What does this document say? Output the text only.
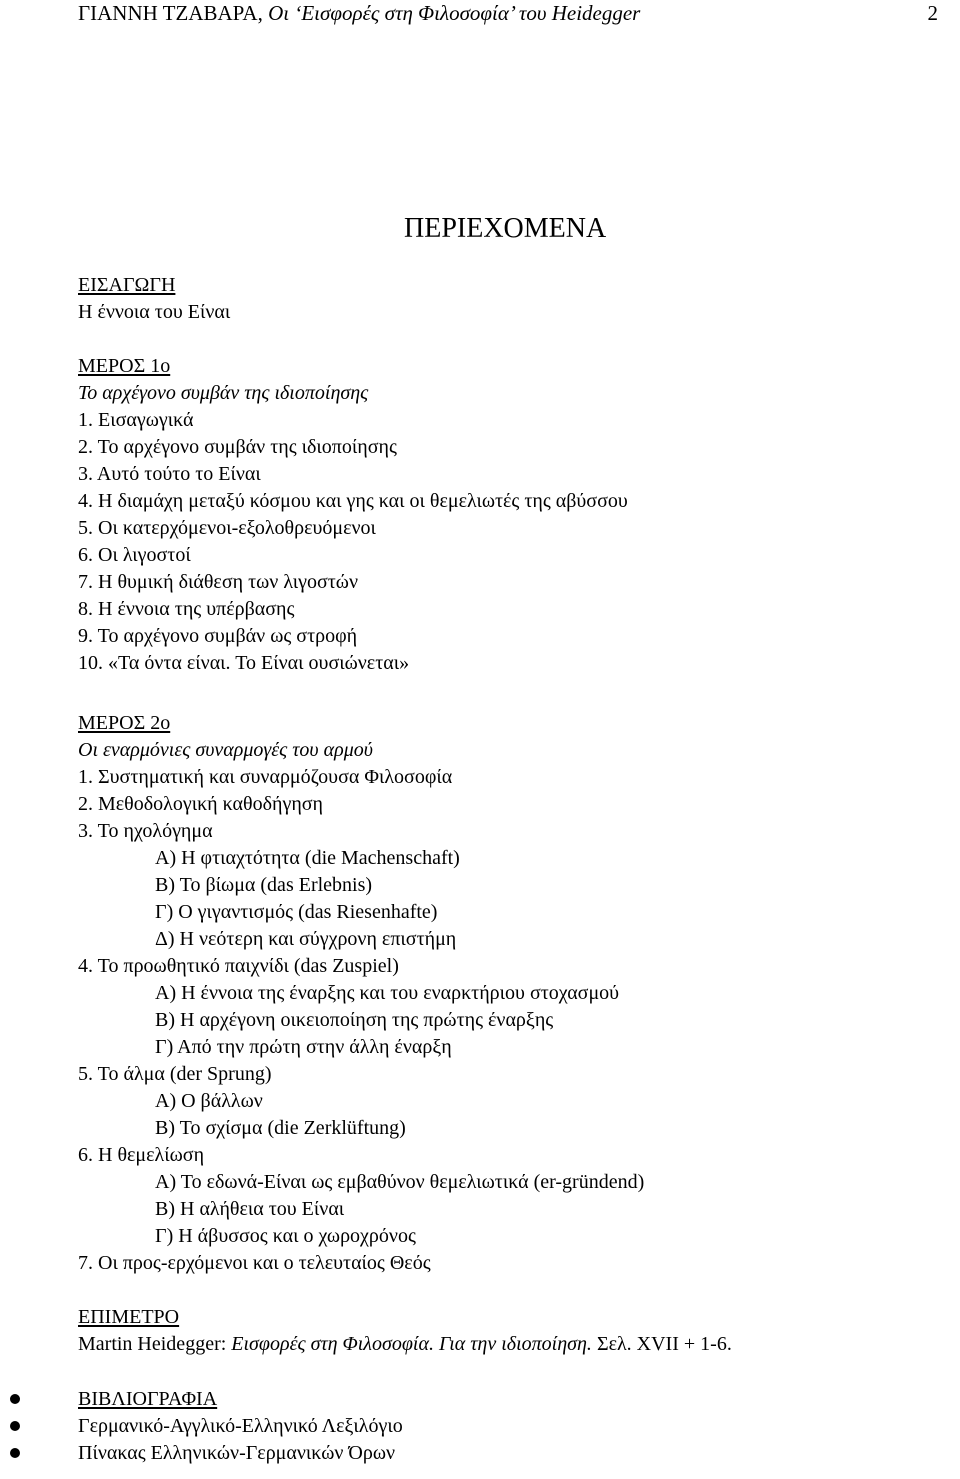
ΓΙΑΝΝΗ ΤΖΑΒΑΡΑ, Οι ‘Εισφορές στη Φιλοσοφία’ του Heidegger	2
ΠΕΡΙΕΧΟΜΕΝΑ
ΕΙΣΑΓΩΓΗ
Η έννοια του Είναι
ΜΕΡΟΣ 1ο
Το αρχέγονο συμβάν της ιδιοποίησης
1. Εισαγωγικά
2. Το αρχέγονο συμβάν της ιδιοποίησης
3. Αυτό τούτο το Είναι
4. Η διαμάχη μεταξύ κόσμου και γης και οι θεμελιωτές της αβύσσου
5. Οι κατερχόμενοι-εξολοθρευόμενοι
6. Οι λιγοστοί
7. Η θυμική διάθεση των λιγοστών
8. Η έννοια της υπέρβασης
9. Το αρχέγονο συμβάν ως στροφή
10. «Τα όντα είναι. Το Είναι ουσιώνεται»
ΜΕΡΟΣ 2ο
Οι εναρμόνιες συναρμογές του αρμού
1. Συστηματική και συναρμόζουσα Φιλοσοφία
2. Μεθοδολογική καθοδήγηση
3. Το ηχολόγημα
Α) Η φτιαχτότητα (die Machenschaft)
Β) Το βίωμα (das Erlebnis)
Γ) Ο γιγαντισμός (das Riesenhafte)
Δ) Η νεότερη και σύγχρονη επιστήμη
4. Το προωθητικό παιχνίδι (das Zuspiel)
Α) Η έννοια της έναρξης και του εναρκτήριου στοχασμού
Β) Η αρχέγονη οικειοποίηση της πρώτης έναρξης
Γ) Από την πρώτη στην άλλη έναρξη
5. Το άλμα (der Sprung)
Α) Ο βάλλων
Β) Το σχίσμα (die Zerklüftung)
6. Η θεμελίωση
Α) Το εδωνά-Είναι ως εμβαθύνον θεμελιωτικά (er-gründend)
Β) Η αλήθεια του Είναι
Γ) Η άβυσσος και ο χωροχρόνος
7. Οι προς-ερχόμενοι και ο τελευταίος Θεός
ΕΠΙΜΕΤΡΟ
Martin Heidegger: Εισφορές στη Φιλοσοφία. Για την ιδιοποίηση. Σελ. XVII + 1-6.
ΒΙΒΛΙΟΓΡΑΦΙΑ
Γερμανικό-Αγγλικό-Ελληνικό Λεξιλόγιο
Πίνακας Ελληνικών-Γερμανικών Όρων
